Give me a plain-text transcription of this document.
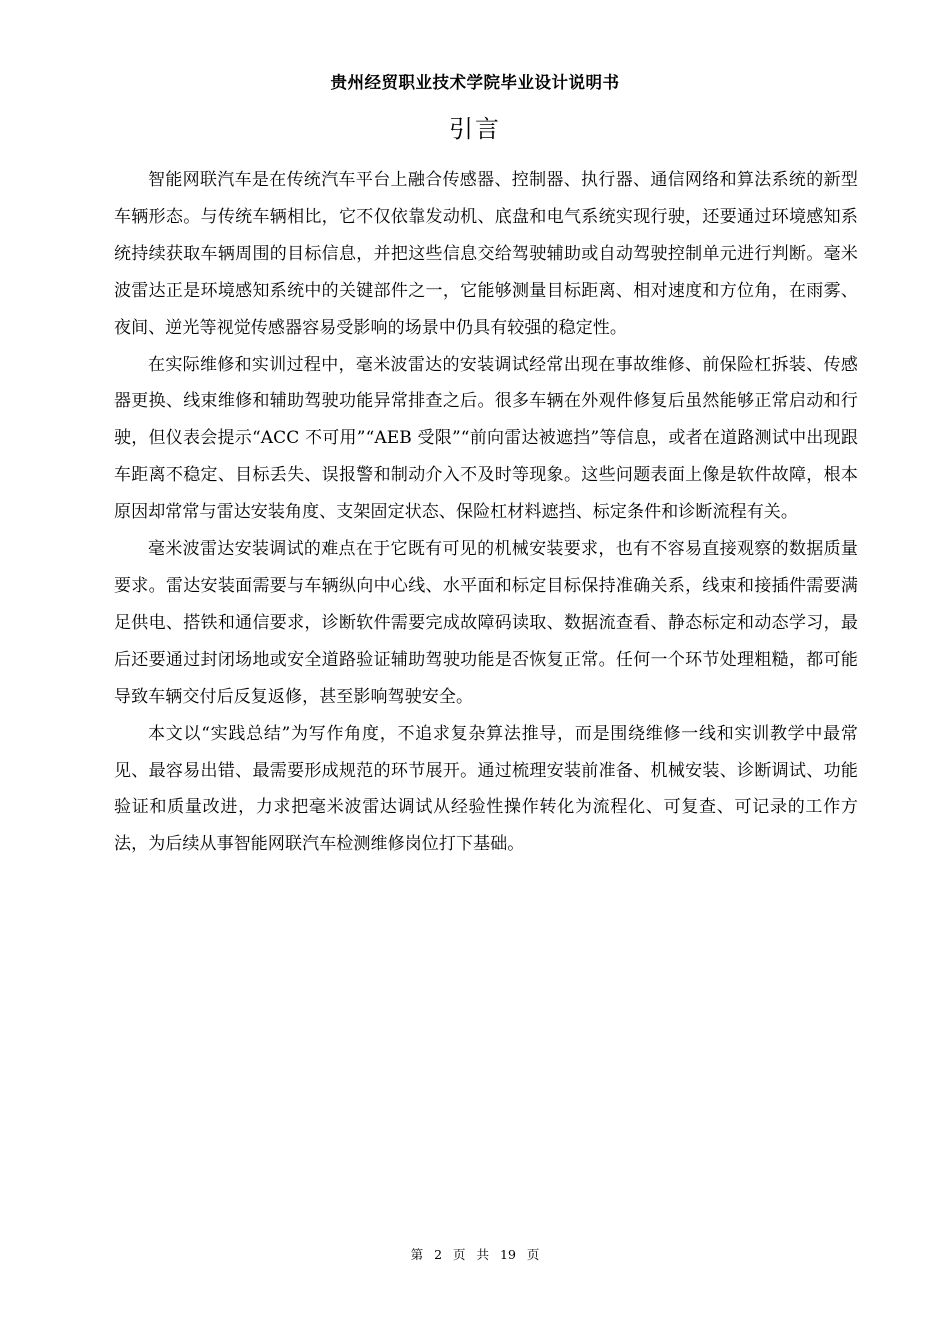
贵州经贸职业技术学院毕业设计说明书
引言

智能网联汽车是在传统汽车平台上融合传感器、控制器、执行器、通信网络和算法系统的新型车辆形态。与传统车辆相比，它不仅依靠发动机、底盘和电气系统实现行驶，还要通过环境感知系统持续获取车辆周围的目标信息，并把这些信息交给驾驶辅助或自动驾驶控制单元进行判断。毫米波雷达正是环境感知系统中的关键部件之一，它能够测量目标距离、相对速度和方位角，在雨雾、夜间、逆光等视觉传感器容易受影响的场景中仍具有较强的稳定性。

在实际维修和实训过程中，毫米波雷达的安装调试经常出现在事故维修、前保险杠拆装、传感器更换、线束维修和辅助驾驶功能异常排查之后。很多车辆在外观件修复后虽然能够正常启动和行驶，但仪表会提示“ACC 不可用”“AEB 受限”“前向雷达被遮挡”等信息，或者在道路测试中出现跟车距离不稳定、目标丢失、误报警和制动介入不及时等现象。这些问题表面上像是软件故障，根本原因却常常与雷达安装角度、支架固定状态、保险杠材料遮挡、标定条件和诊断流程有关。

毫米波雷达安装调试的难点在于它既有可见的机械安装要求，也有不容易直接观察的数据质量要求。雷达安装面需要与车辆纵向中心线、水平面和标定目标保持准确关系，线束和接插件需要满足供电、搭铁和通信要求，诊断软件需要完成故障码读取、数据流查看、静态标定和动态学习，最后还要通过封闭场地或安全道路验证辅助驾驶功能是否恢复正常。任何一个环节处理粗糙，都可能导致车辆交付后反复返修，甚至影响驾驶安全。

本文以“实践总结”为写作角度，不追求复杂算法推导，而是围绕维修一线和实训教学中最常见、最容易出错、最需要形成规范的环节展开。通过梳理安装前准备、机械安装、诊断调试、功能验证和质量改进，力求把毫米波雷达调试从经验性操作转化为流程化、可复查、可记录的工作方法，为后续从事智能网联汽车检测维修岗位打下基础。

第 2 页 共 19 页
